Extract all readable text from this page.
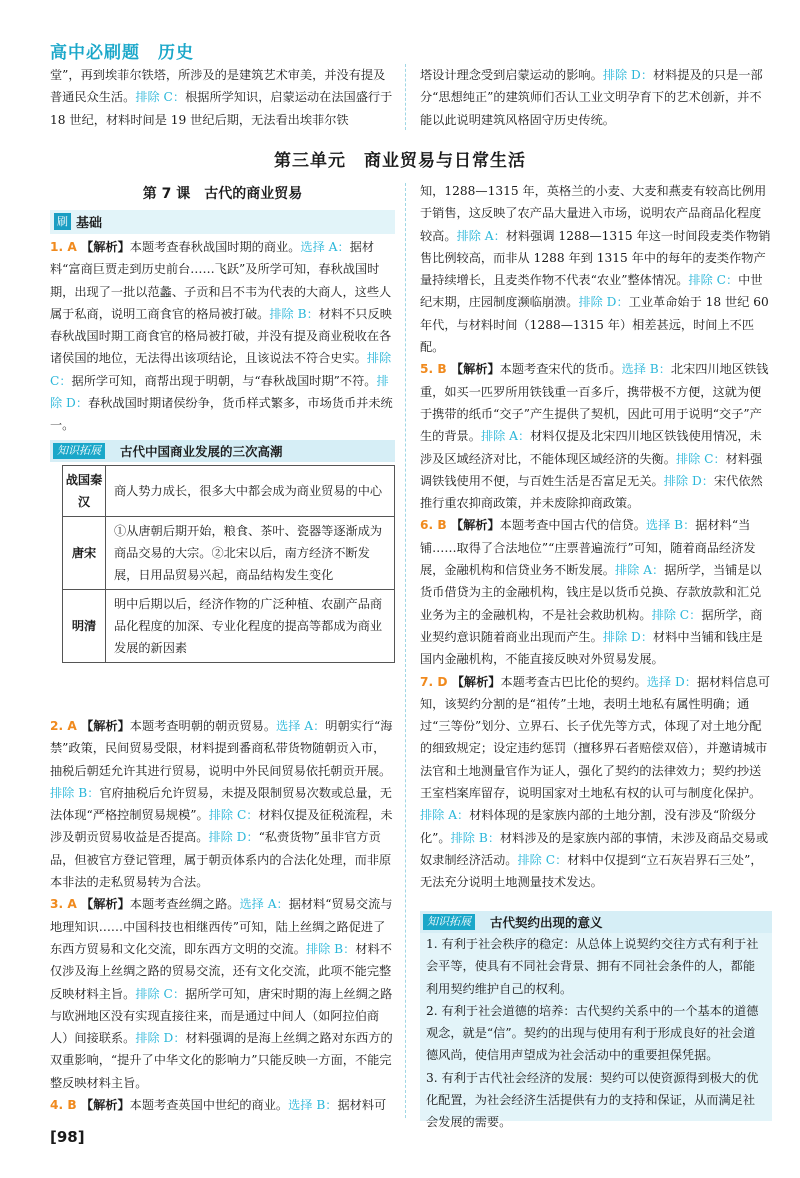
高中必刷题　历史

堂”，再到埃菲尔铁塔，所涉及的是建筑艺术审美，并没有提及普通民众生活。排除 C：根据所学知识，启蒙运动在法国盛行于 18 世纪，材料时间是 19 世纪后期，无法看出埃菲尔铁

塔设计理念受到启蒙运动的影响。排除 D：材料提及的只是一部分“思想纯正”的建筑师们否认工业文明孕育下的艺术创新，并不能以此说明建筑风格固守历史传统。

第三单元　商业贸易与日常生活
第 7 课　古代的商业贸易
刷 基础

1. A 【解析】本题考查春秋战国时期的商业。选择 A：据材料“富商巨贾走到历史前台……飞跃”及所学可知，春秋战国时期，出现了一批以范蠡、子贡和吕不韦为代表的大商人，这些人属于私商，说明工商食官的格局被打破。排除 B：材料不只反映春秋战国时期工商食官的格局被打破，并没有提及商业税收在各诸侯国的地位，无法得出该项结论，且该说法不符合史实。排除 C：据所学可知，商帮出现于明朝，与“春秋战国时期”不符。排除 D：春秋战国时期诸侯纷争，货币样式繁多，市场货币并未统一。

知识拓展	古代中国商业发展的三次高潮
战国秦汉	商人势力成长，很多大中都会成为商业贸易的中心
唐宋	①从唐朝后期开始，粮食、茶叶、瓷器等逐渐成为商品交易的大宗。②北宋以后，南方经济不断发展，日用品贸易兴起，商品结构发生变化
明清	明中后期以后，经济作物的广泛种植、农副产品商品化程度的加深、专业化程度的提高等都成为商业发展的新因素

2. A 【解析】本题考查明朝的朝贡贸易。选择 A：明朝实行“海禁”政策，民间贸易受限，材料提到番商私带货物随朝贡入市，抽税后朝廷允许其进行贸易，说明中外民间贸易依托朝贡开展。排除 B：官府抽税后允许贸易，未提及限制贸易次数或总量，无法体现“严格控制贸易规模”。排除 C：材料仅提及征税流程，未涉及朝贡贸易收益是否提高。排除 D：“私赍货物”虽非官方贡品，但被官方登记管理，属于朝贡体系内的合法化处理，而非原本非法的走私贸易转为合法。

3. A 【解析】本题考查丝绸之路。选择 A：据材料“贸易交流与地理知识……中国科技也相继西传”可知，陆上丝绸之路促进了东西方贸易和文化交流，即东西方文明的交流。排除 B：材料不仅涉及海上丝绸之路的贸易交流，还有文化交流，此项不能完整反映材料主旨。排除 C：据所学可知，唐宋时期的海上丝绸之路与欧洲地区没有实现直接往来，而是通过中间人（如阿拉伯商人）间接联系。排除 D：材料强调的是海上丝绸之路对东西方的双重影响，“提升了中华文化的影响力”只能反映一方面，不能完整反映材料主旨。

4. B 【解析】本题考查英国中世纪的商业。选择 B：据材料可

知，1288—1315 年，英格兰的小麦、大麦和燕麦有较高比例用于销售，这反映了农产品大量进入市场，说明农产品商品化程度较高。排除 A：材料强调 1288—1315 年这一时间段麦类作物销售比例较高，而非从 1288 年到 1315 年中的每年的麦类作物产量持续增长，且麦类作物不代表“农业”整体情况。排除 C：中世纪末期，庄园制度濒临崩溃。排除 D：工业革命始于 18 世纪 60 年代，与材料时间（1288—1315 年）相差甚远，时间上不匹配。

5. B 【解析】本题考查宋代的货币。选择 B：北宋四川地区铁钱重，如买一匹罗所用铁钱重一百多斤，携带极不方便，这就为便于携带的纸币“交子”产生提供了契机，因此可用于说明“交子”产生的背景。排除 A：材料仅提及北宋四川地区铁钱使用情况，未涉及区域经济对比，不能体现区域经济的失衡。排除 C：材料强调铁钱使用不便，与百姓生活是否富足无关。排除 D：宋代依然推行重农抑商政策，并未废除抑商政策。

6. B 【解析】本题考查中国古代的信贷。选择 B：据材料“当铺……取得了合法地位”“庄票普遍流行”可知，随着商品经济发展，金融机构和信贷业务不断发展。排除 A：据所学，当铺是以货币借贷为主的金融机构，钱庄是以货币兑换、存款放款和汇兑业务为主的金融机构，不是社会救助机构。排除 C：据所学，商业契约意识随着商业出现而产生。排除 D：材料中当铺和钱庄是国内金融机构，不能直接反映对外贸易发展。

7. D 【解析】本题考查古巴比伦的契约。选择 D：据材料信息可知，该契约分割的是“祖传”土地，表明土地私有属性明确；通过“三等份”划分、立界石、长子优先等方式，体现了对土地分配的细致规定；设定违约惩罚（擅移界石者赔偿双倍），并邀请城市法官和土地测量官作为证人，强化了契约的法律效力；契约抄送王室档案库留存，说明国家对土地私有权的认可与制度化保护。排除 A：材料体现的是家族内部的土地分割，没有涉及“阶级分化”。排除 B：材料涉及的是家族内部的事情，未涉及商品交易或奴隶制经济活动。排除 C：材料中仅提到“立石灰岩界石三处”，无法充分说明土地测量技术发达。

知识拓展	古代契约出现的意义

1. 有利于社会秩序的稳定：从总体上说契约交往方式有利于社会平等，使具有不同社会背景、拥有不同社会条件的人，都能利用契约维护自己的权利。

2. 有利于社会道德的培养：古代契约关系中的一个基本的道德观念，就是“信”。契约的出现与使用有利于形成良好的社会道德风尚，使信用声望成为社会活动中的重要担保凭据。

3. 有利于古代社会经济的发展：契约可以使资源得到极大的优化配置，为社会经济生活提供有力的支持和保证，从而满足社会发展的需要。

[98]
